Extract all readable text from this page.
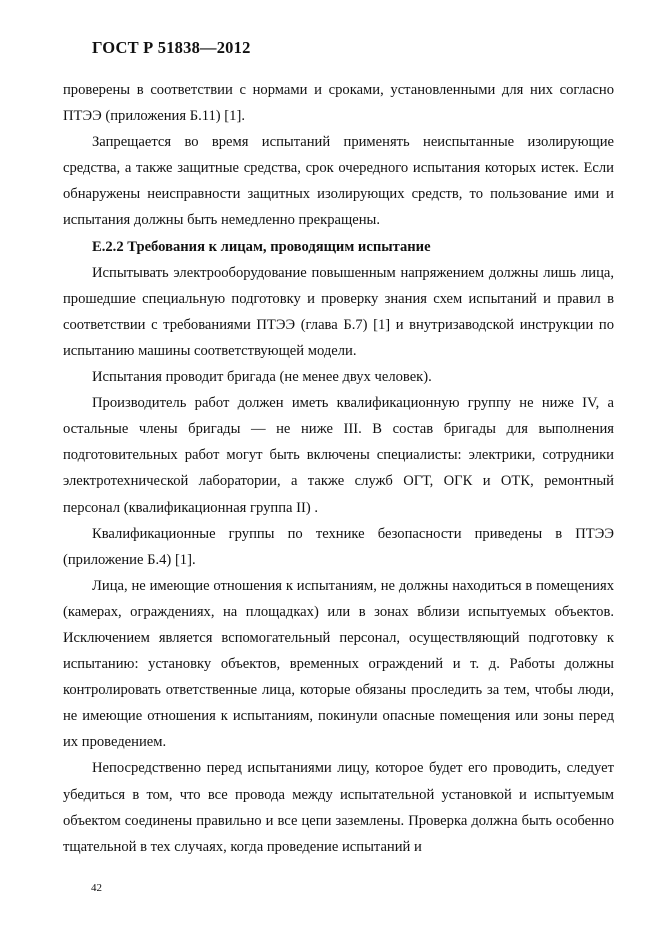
ГОСТ Р 51838—2012

проверены в соответствии с нормами и сроками, установленными для них согласно ПТЭЭ (приложения Б.11) [1].

Запрещается во время испытаний применять неиспытанные изолирующие средства, а также защитные средства, срок очередного испытания которых истек. Если обнаружены неисправности защитных изолирующих средств, то пользование ими и испытания должны быть немедленно прекращены.

Е.2.2 Требования к лицам, проводящим испытание

Испытывать электрооборудование повышенным напряжением должны лишь лица, прошедшие специальную подготовку и проверку знания схем испытаний и правил в соответствии с требованиями ПТЭЭ (глава Б.7) [1] и внутризаводской инструкции по испытанию машины соответствующей модели.

Испытания проводит бригада (не менее двух человек).

Производитель работ должен иметь квалификационную группу не ниже IV, а остальные члены бригады — не ниже III. В состав бригады для выполнения подготовительных работ могут быть включены специалисты: электрики, сотрудники электротехнической лаборатории, а также служб ОГТ, ОГК и ОТК, ремонтный персонал (квалификационная группа II) .

Квалификационные группы по технике безопасности приведены в ПТЭЭ (приложение Б.4) [1].

Лица, не имеющие отношения к испытаниям, не должны находиться в помещениях (камерах, ограждениях, на площадках) или в зонах вблизи испытуемых объектов. Исключением является вспомогательный персонал, осуществляющий подготовку к испытанию: установку объектов, временных ограждений и т. д. Работы должны контролировать ответственные лица, которые обязаны проследить за тем, чтобы люди, не имеющие отношения к испытаниям, покинули опасные помещения или зоны перед их проведением.

Непосредственно перед испытаниями лицу, которое будет его проводить, следует убедиться в том, что все провода между испытательной установкой и испытуемым объектом соединены правильно и все цепи заземлены. Проверка должна быть особенно тщательной в тех случаях, когда проведение испытаний и

42
